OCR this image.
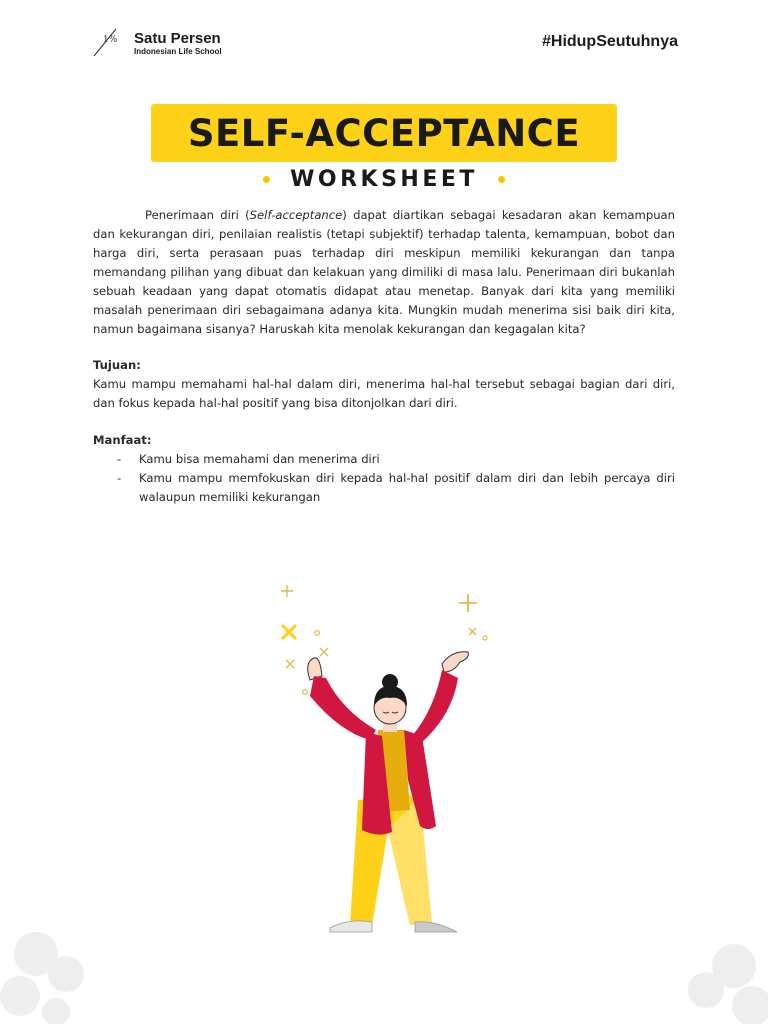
1% Satu Persen
Indonesian Life School
#HidupSeutuhnya
SELF-ACCEPTANCE
WORKSHEET

Penerimaan diri (Self-acceptance) dapat diartikan sebagai kesadaran akan kemampuan dan kekurangan diri, penilaian realistis (tetapi subjektif) terhadap talenta, kemampuan, bobot dan harga diri, serta perasaan puas terhadap diri meskipun memiliki kekurangan dan tanpa memandang pilihan yang dibuat dan kelakuan yang dimiliki di masa lalu. Penerimaan diri bukanlah sebuah keadaan yang dapat otomatis didapat atau menetap. Banyak dari kita yang memiliki masalah penerimaan diri sebagaimana adanya kita. Mungkin mudah menerima sisi baik diri kita, namun bagaimana sisanya? Haruskah kita menolak kekurangan dan kegagalan kita?

Tujuan:

Kamu mampu memahami hal-hal dalam diri, menerima hal-hal tersebut sebagai bagian dari diri, dan fokus kepada hal-hal positif yang bisa ditonjolkan dari diri.

Manfaat:
- Kamu bisa memahami dan menerima diri
- Kamu mampu memfokuskan diri kepada hal-hal positif dalam diri dan lebih percaya diri walaupun memiliki kekurangan
